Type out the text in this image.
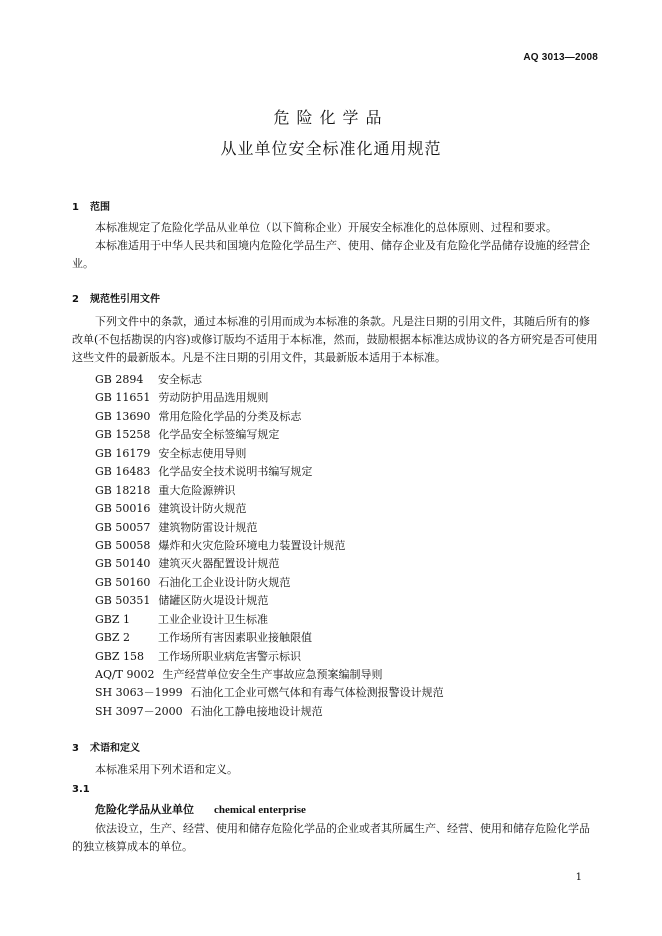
AQ 3013—2008
危险化学品
从业单位安全标准化通用规范
1 范围
本标准规定了危险化学品从业单位（以下简称企业）开展安全标准化的总体原则、过程和要求。
本标准适用于中华人民共和国境内危险化学品生产、使用、储存企业及有危险化学品储存设施的经营企业。
2 规范性引用文件
下列文件中的条款，通过本标准的引用而成为本标准的条款。凡是注日期的引用文件，其随后所有的修改单(不包括勘误的内容)或修订版均不适用于本标准，然而，鼓励根据本标准达成协议的各方研究是否可使用这些文件的最新版本。凡是不注日期的引用文件，其最新版本适用于本标准。
GB 2894 安全标志
GB 11651 劳动防护用品选用规则
GB 13690 常用危险化学品的分类及标志
GB 15258 化学品安全标签编写规定
GB 16179 安全标志使用导则
GB 16483 化学品安全技术说明书编写规定
GB 18218 重大危险源辨识
GB 50016 建筑设计防火规范
GB 50057 建筑物防雷设计规范
GB 50058 爆炸和火灾危险环境电力装置设计规范
GB 50140 建筑灭火器配置设计规范
GB 50160 石油化工企业设计防火规范
GB 50351 储罐区防火堤设计规范
GBZ 1	工业企业设计卫生标准
GBZ 2	工作场所有害因素职业接触限值
GBZ 158 工作场所职业病危害警示标识
AQ/T 9002 生产经营单位安全生产事故应急预案编制导则
SH 3063－1999 石油化工企业可燃气体和有毒气体检测报警设计规范
SH 3097－2000 石油化工静电接地设计规范
3 术语和定义
本标准采用下列术语和定义。
3.1
危险化学品从业单位 chemical enterprise
依法设立，生产、经营、使用和储存危险化学品的企业或者其所属生产、经营、使用和储存危险化学品的独立核算成本的单位。
1
